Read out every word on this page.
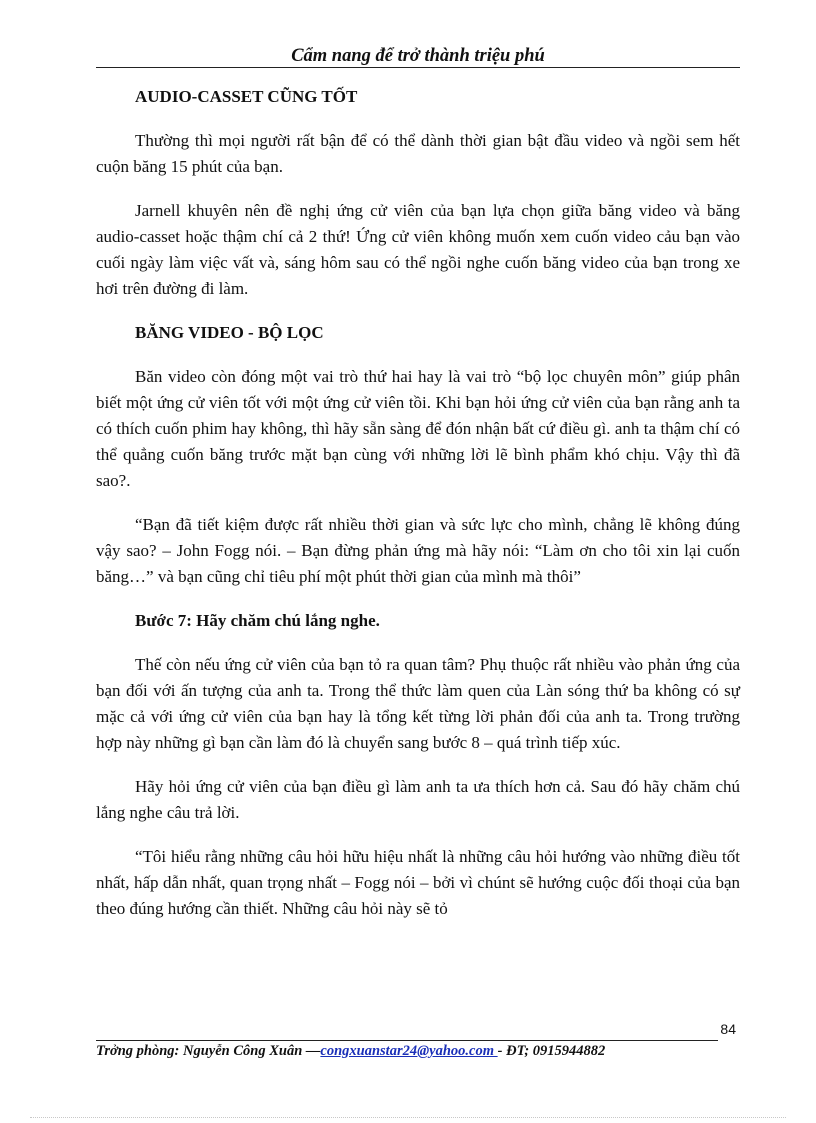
Cẩm nang để trở thành triệu phú
AUDIO-CASSET CŨNG TỐT

Thường thì mọi người rất bận để có thể dành thời gian bật đầu video và ngồi sem hết cuộn băng 15 phút của bạn.

Jarnell khuyên nên đề nghị ứng cử viên của bạn lựa chọn giữa băng video và băng audio-casset hoặc thậm chí cả 2 thứ! Ứng cử viên không muốn xem cuốn video cảu bạn vào cuối ngày làm việc vất và, sáng hôm sau có thể ngồi nghe cuốn băng video của bạn trong xe hơi trên đường đi làm.

BĂNG VIDEO - BỘ LỌC

Băn video còn đóng một vai trò thứ hai hay là vai trò “bộ lọc chuyên môn” giúp phân biết một ứng cử viên tốt với một ứng cử viên tồi. Khi bạn hỏi ứng cử viên của bạn rằng anh ta có thích cuốn phim hay không, thì hãy sẵn sàng để đón nhận bất cứ điều gì. anh ta thậm chí có thể quẳng cuốn băng trước mặt bạn cùng với những lời lẽ bình phẩm khó chịu. Vậy thì đã sao?.

“Bạn đã tiết kiệm được rất nhiều thời gian và sức lực cho mình, chẳng lẽ không đúng vậy sao? – John Fogg nói. – Bạn đừng phản ứng mà hãy nói: “Làm ơn cho tôi xin lại cuốn băng…” và bạn cũng chỉ tiêu phí một phút thời gian của mình mà thôi”

Bước 7: Hãy chăm chú lắng nghe.

Thế còn nếu ứng cử viên của bạn tỏ ra quan tâm? Phụ thuộc rất nhiều vào phản ứng của bạn đối với ấn tượng của anh ta. Trong thể thức làm quen của Làn sóng thứ ba không có sự mặc cả với ứng cử viên của bạn hay là tổng kết từng lời phản đối của anh ta. Trong trường hợp này những gì bạn cần làm đó là chuyển sang bước 8 – quá trình tiếp xúc.

Hãy hỏi ứng cử viên của bạn điều gì làm anh ta ưa thích hơn cả. Sau đó hãy chăm chú lắng nghe câu trả lời.

“Tôi hiểu rằng những câu hỏi hữu hiệu nhất là những câu hỏi hướng vào những điều tốt nhất, hấp dẫn nhất, quan trọng nhất – Fogg nói – bởi vì chúnt sẽ hướng cuộc đối thoại của bạn theo đúng hướng cần thiết. Những câu hỏi này sẽ tỏ

84
Trởng phòng: Nguyễn Công Xuân —congxuanstar24@yahoo.com - ĐT; 0915944882
